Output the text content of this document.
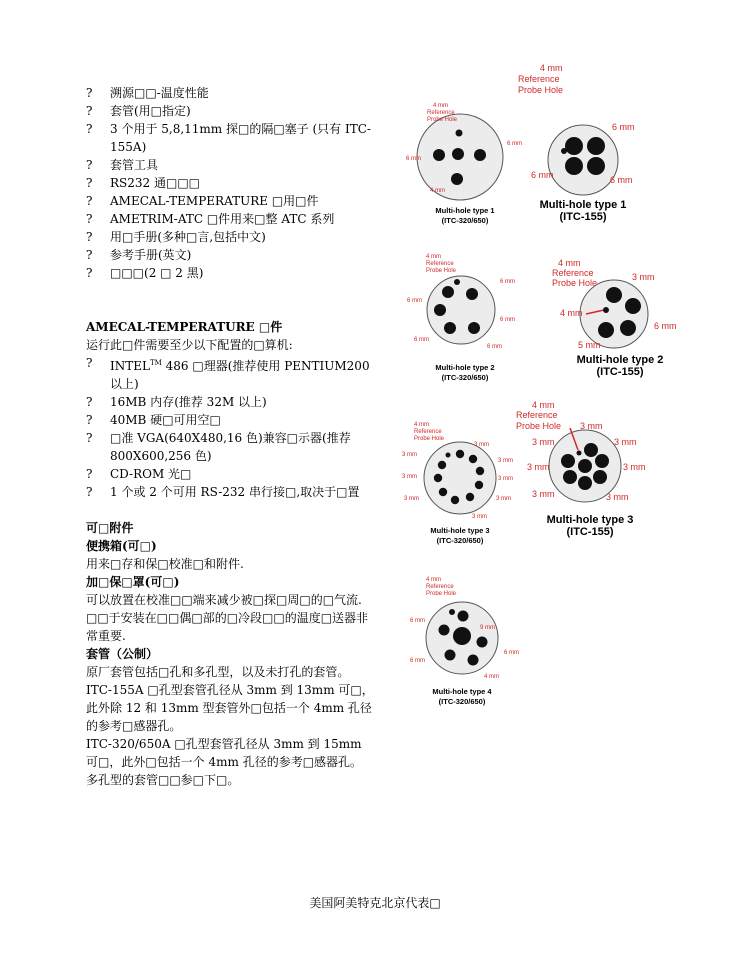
?	溯源□□-温度性能
?	套管(用□指定)
?	3 个用于 5,8,11mm 探□的隔□塞子 (只有 ITC-155A)
?	套管工具
?	RS232 通□□□
?	AMECAL-TEMPERATURE □用□件
?	AMETRIM-ATC □件用来□整 ATC 系列
?	用□手册(多种□言,包括中文)
?	参考手册(英文)
?	□□□(2 □ 2 黑)

AMECAL-TEMPERATURE □件

运行此□件需要至少以下配置的□算机:

?	INTEL™ 486 □理器(推荐使用 PENTIUM200 以上)
?	16MB 内存(推荐 32M 以上)
?	40MB 硬□可用空□
?	□准 VGA(640X480,16 色)兼容□示器(推荐 800X600,256 色)
?	CD-ROM 光□
?	1 个或 2 个可用 RS-232 串行接□,取决于□置

可□附件

便携箱(可□)

用来□存和保□校准□和附件.

加□保□罩(可□)

可以放置在校准□□端来减少被□探□周□的□气流.

□□于安装在□□偶□部的□冷段□□的温度□送器非常重要.

套管（公制）

原厂套管包括□孔和多孔型，以及未打孔的套管。

ITC-155A □孔型套管孔径从 3mm 到 13mm 可□，此外除 12 和 13mm 型套管外□包括一个 4mm 孔径的参考□感器孔。

ITC-320/650A □孔型套管孔径从 3mm 到 15mm 可□，此外□包括一个 4mm 孔径的参考□感器孔。

多孔型的套管□□参□下□。

4 mm
Reference
Probe Hole
6 mm
6 mm
4 mm
Multi-hole type 1
(ITC-320/650)
4 mm
Reference
Probe Hole
6 mm
6 mm	6 mm
Multi-hole type 1
(ITC-155)
4 mm
Reference
Probe Hole
6 mm
6 mm
6 mm
6 mm
6 mm
Multi-hole type 2
(ITC-320/650)
4 mm
Reference
Probe Hole
3 mm
4 mm
6 mm
5 mm
Multi-hole type 2
(ITC-155)
4 mm
Reference
Probe Hole
3 mm
3 mm
3 mm
3 mm	3 mm
3 mm	3 mm
3 mm
Multi-hole type 3
(ITC-320/650)
4 mm
Reference
Probe Hole 3 mm
3 mm	3 mm
3 mm	3 mm
3 mm	3 mm
Multi-hole type 3
(ITC-155)
4 mm
Reference
Probe Hole
6 mm
9 mm
6 mm
6 mm
4 mm
Multi-hole type 4
(ITC-320/650)
美国阿美特克北京代表□
